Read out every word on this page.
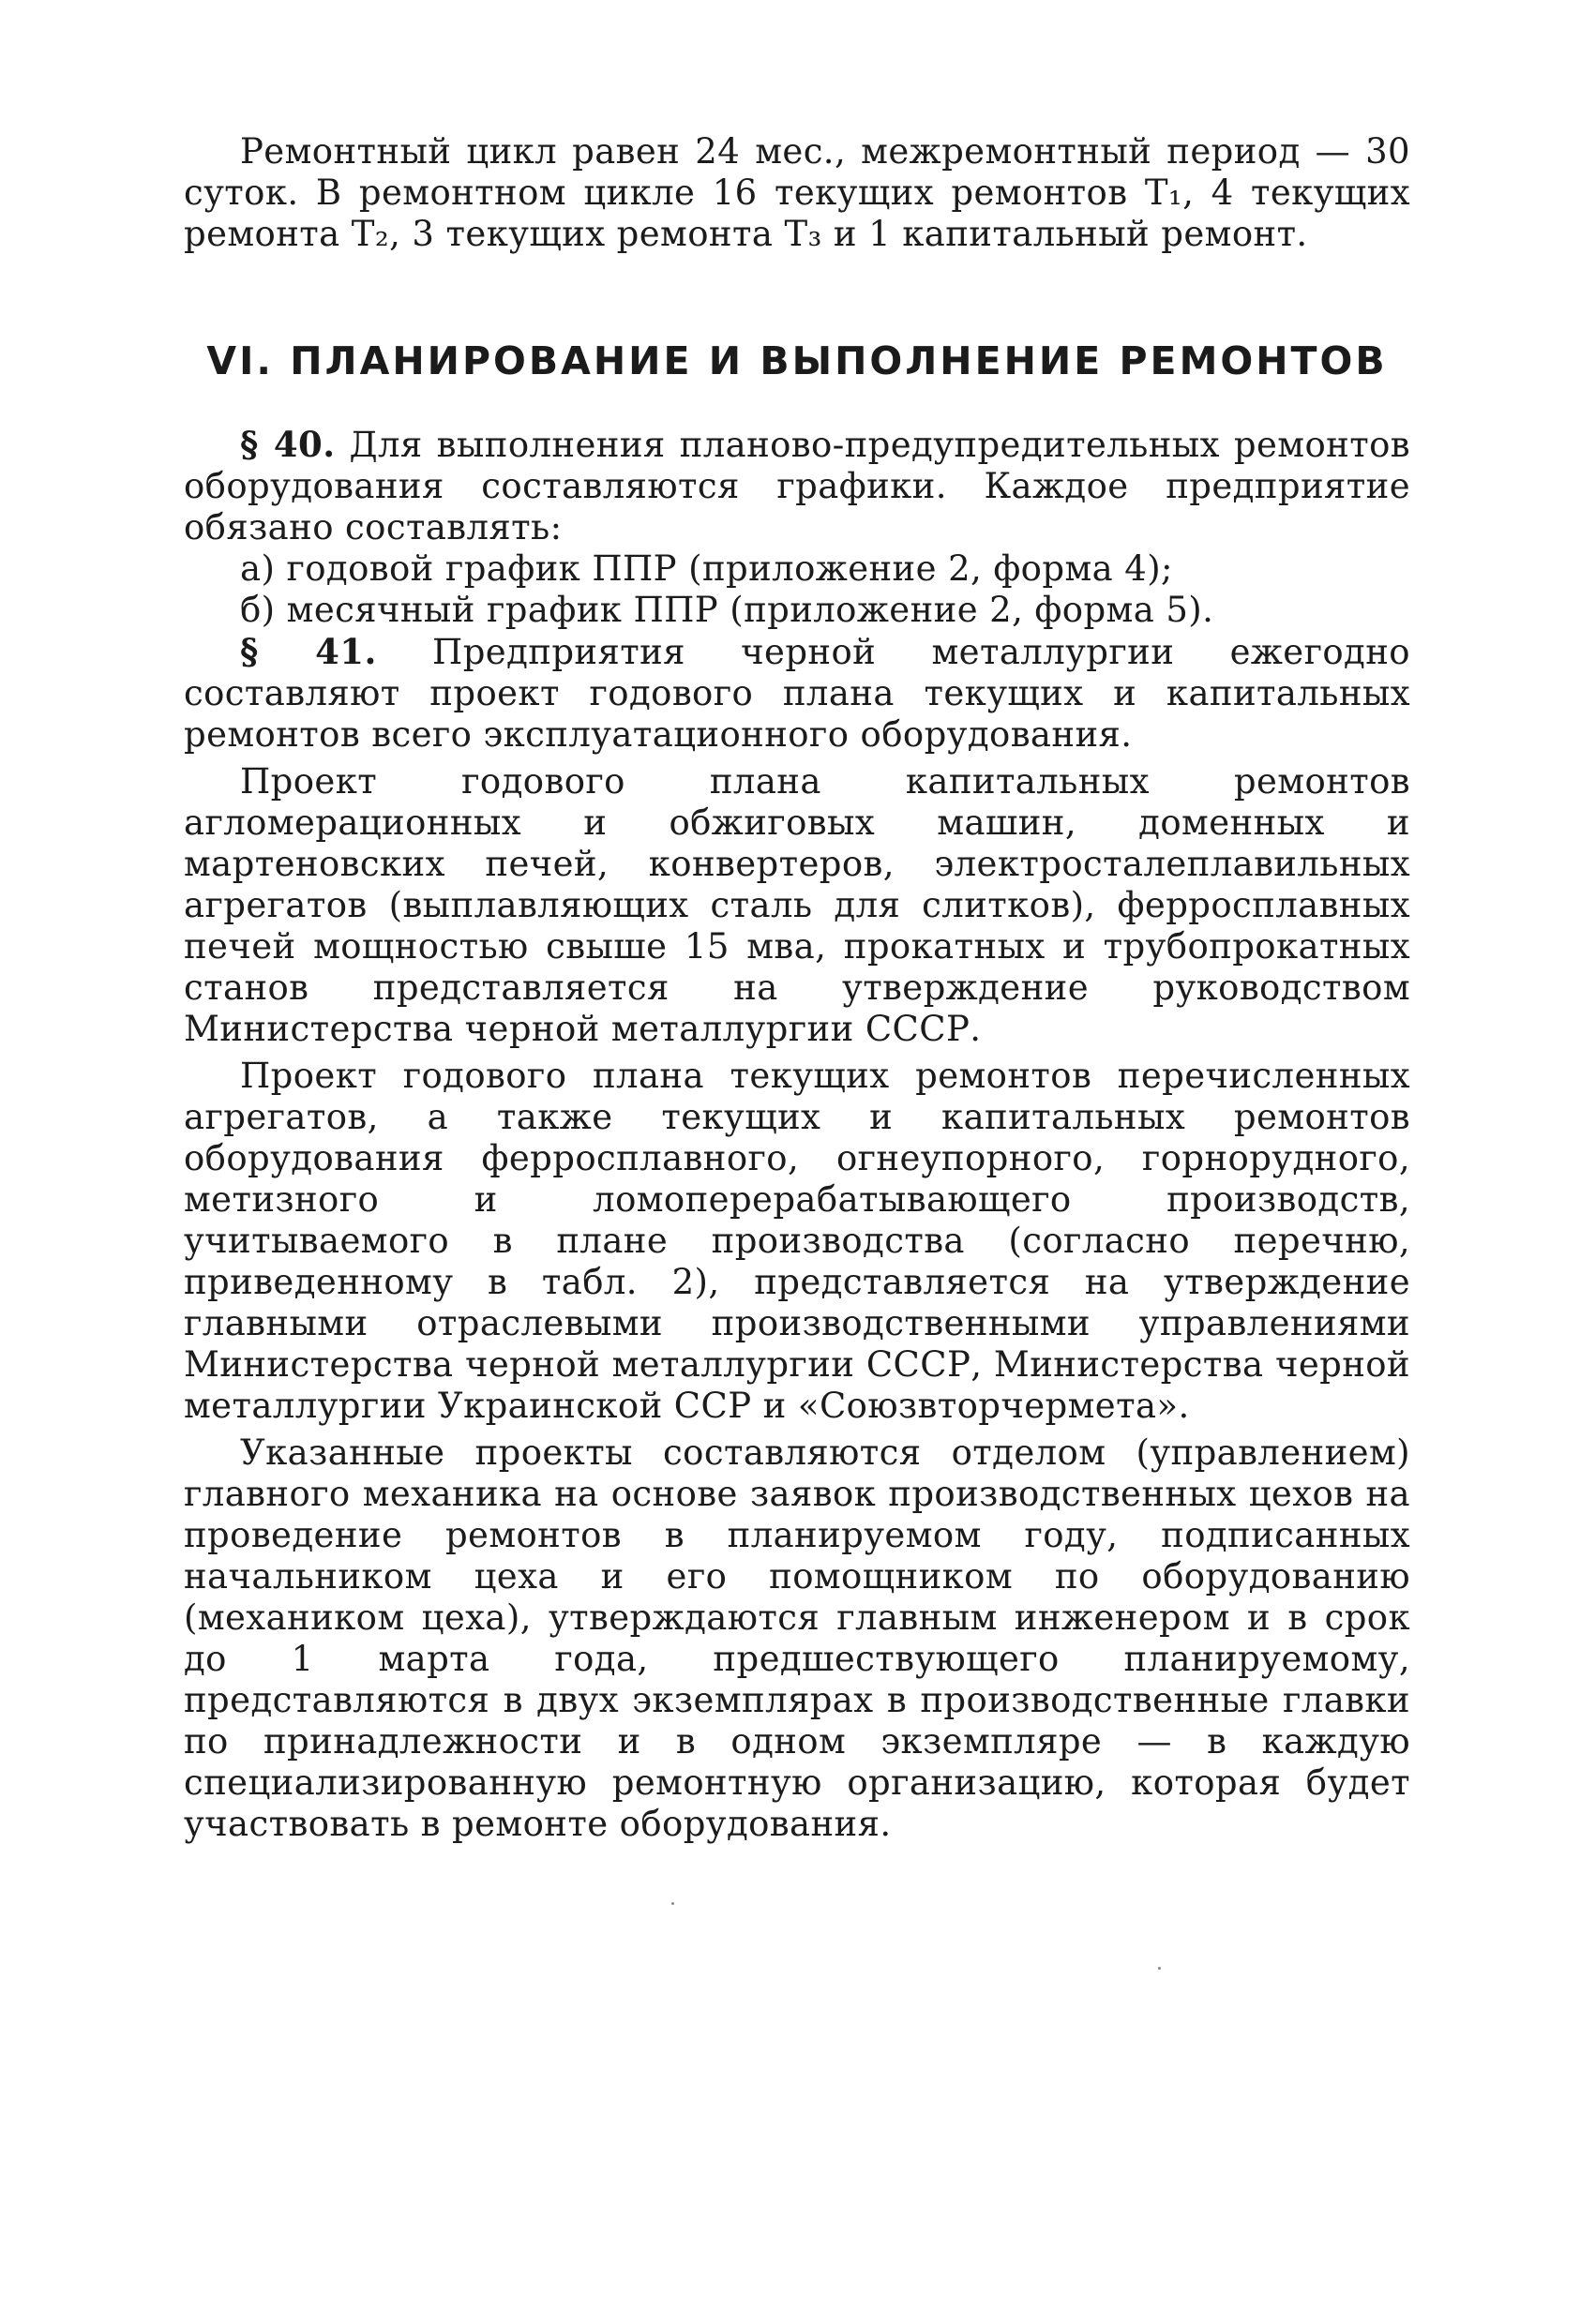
Ремонтный цикл равен 24 мес., межремонтный период — 30 суток. В ремонтном цикле 16 текущих ремонтов Т₁, 4 текущих ремонта Т₂, 3 текущих ремонта Т₃ и 1 капитальный ремонт.

VI. ПЛАНИРОВАНИЕ И ВЫПОЛНЕНИЕ РЕМОНТОВ

§ 40. Для выполнения планово-предупредительных ремонтов оборудования составляются графики. Каждое предприятие обязано составлять:

а) годовой график ППР (приложение 2, форма 4);

б) месячный график ППР (приложение 2, форма 5).

§ 41. Предприятия черной металлургии ежегодно составляют проект годового плана текущих и капитальных ремонтов всего эксплуатационного оборудования.

Проект годового плана капитальных ремонтов агломерационных и обжиговых машин, доменных и мартеновских печей, конвертеров, электросталеплавильных агрегатов (выплавляющих сталь для слитков), ферросплавных печей мощностью свыше 15 мва, прокатных и трубопрокатных станов представляется на утверждение руководством Министерства черной металлургии СССР.

Проект годового плана текущих ремонтов перечисленных агрегатов, а также текущих и капитальных ремонтов оборудования ферросплавного, огнеупорного, горнорудного, метизного и ломоперерабатывающего производств, учитываемого в плане производства (согласно перечню, приведенному в табл. 2), представляется на утверждение главными отраслевыми производственными управлениями Министерства черной металлургии СССР, Министерства черной металлургии Украинской ССР и «Союзвторчермета».

Указанные проекты составляются отделом (управлением) главного механика на основе заявок производственных цехов на проведение ремонтов в планируемом году, подписанных начальником цеха и его помощником по оборудованию (механиком цеха), утверждаются главным инженером и в срок до 1 марта года, предшествующего планируемому, представляются в двух экземплярах в производственные главки по принадлежности и в одном экземпляре — в каждую специализированную ремонтную организацию, которая будет участвовать в ремонте оборудования.
